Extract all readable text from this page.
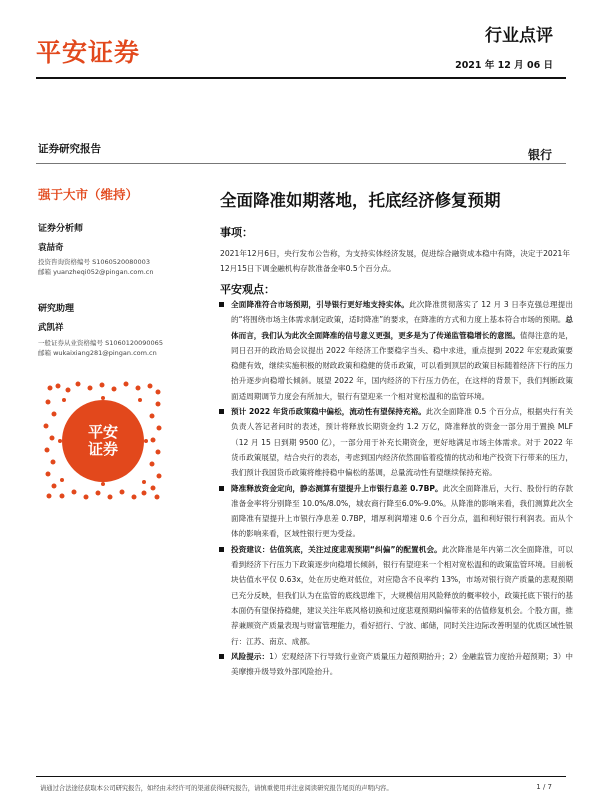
平安证券
行业点评
2021 年 12 月 06 日
证券研究报告	银行
强于大市（维持）
证券分析师
袁喆奇
投资咨询资格编号 S1060520080003
邮箱 yuanzheqi052@pingan.com.cn
研究助理
武凯祥
一般证券从业资格编号 S1060120090065
邮箱 wukaixiang281@pingan.com.cn
平安
证券
全面降准如期落地，托底经济修复预期
事项：
2021年12月6日，央行发布公告称，为支持实体经济发展，促进综合融资成本稳中有降，决定于2021年12月15日下调金融机构存款准备金率0.5个百分点。
平安观点：
全面降准符合市场预期，引导银行更好地支持实体。此次降准贯彻落实了 12 月 3 日李克强总理提出的“将围绕市场主体需求制定政策，适时降准”的要求，在降准的方式和力度上基本符合市场的预期。总体而言，我们认为此次全面降准的信号意义更强，更多是为了传递监管稳增长的意图。值得注意的是，同日召开的政治局会议提出 2022 年经济工作要稳字当头、稳中求进，重点提到 2022 年宏观政策要稳健有效，继续实施积极的财政政策和稳健的货币政策，可以看到顶层的政策目标随着经济下行的压力抬升逐步向稳增长倾斜。展望 2022 年，国内经济的下行压力仍在，在这样的背景下，我们判断政策面适周期调节力度会有所加大，银行有望迎来一个相对宽松温和的监管环境。
预计 2022 年货币政策稳中偏松，流动性有望保持充裕。此次全面降准 0.5 个百分点，根据央行有关负责人答记者问时的表述，预计将释放长期资金约 1.2 万亿，降准释放的资金一部分用于置换 MLF（12 月 15 日到期 9500 亿），一部分用于补充长期资金，更好地满足市场主体需求。对于 2022 年货币政策展望，结合央行的表态，考虑到国内经济依然面临着疫情的扰动和地产投资下行带来的压力，我们预计我国货币政策将维持稳中偏松的基调，总量流动性有望继续保持充裕。
降准释放资金定向，静态测算有望提升上市银行息差 0.7BP。此次全面降准后，大行、股份行的存款准备金率将分别降至 10.0%/8.0%，城农商行降至6.0%-9.0%。从降准的影响来看，我们测算此次全面降准有望提升上市银行净息差 0.7BP，增厚利润增速 0.6 个百分点，温和利好银行利润表。而从个体的影响来看，区域性银行更为受益。
投资建议：估值筑底，关注过度悲观预期“纠偏”的配置机会。此次降准是年内第二次全面降准，可以看到经济下行压力下政策逐步向稳增长倾斜，银行有望迎来一个相对宽松温和的政策监管环境。目前板块估值水平仅 0.63x，处在历史绝对低位，对应隐含不良率约 13%，市场对银行资产质量的悲观预期已充分反映，但我们认为在监管的底线思维下，大规模信用风险释放的概率较小，政策托底下银行的基本面仍有望保持稳健，建议关注年底风格切换和过度悲观预期纠偏带来的估值修复机会。个股方面，推荐兼顾资产质量表现与财富管理能力，看好招行、宁波、邮储，同时关注边际改善明显的优质区域性银行：江苏、南京、成都。
风险提示：1）宏观经济下行导致行业资产质量压力超预期抬升；2）金融监管力度抬升超预期；3）中美摩擦升级导致外部风险抬升。
请通过合法途径获取本公司研究报告，如经由未经许可的渠道获得研究报告，请慎重使用并注意阅读研究报告尾页的声明内容。	1 / 7
